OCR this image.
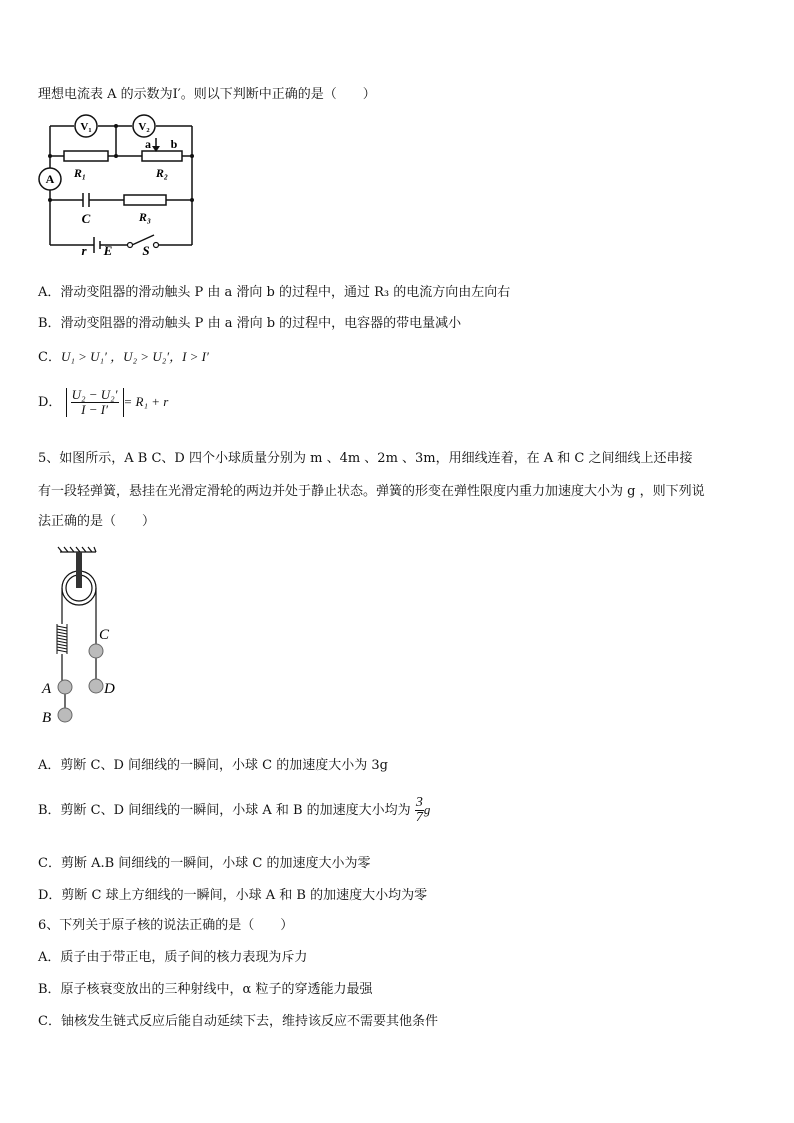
理想电流表 A 的示数为I′。则以下判断中正确的是（　　）
V₁	V₂
a b
R₁	R₂
A
C	R₃
r E S
A．滑动变阻器的滑动触头 P 由 a 滑向 b 的过程中，通过 R₃ 的电流方向由左向右
B．滑动变阻器的滑动触头 P 由 a 滑向 b 的过程中，电容器的带电量减小
C．U₁ > U₁′ ，U₂ > U₂′，I > I′
D． $\frac{\text{U₂ − U₂′}}{I - I'} = R_1 + r$
5、如图所示，A B C、D 四个小球质量分别为 m 、4m 、2m 、3m，用细线连着，在 A 和 C 之间细线上还串接
有一段轻弹簧，悬挂在光滑定滑轮的两边并处于静止状态。弹簧的形变在弹性限度内重力加速度大小为 g ，则下列说
法正确的是（　　）
C
A	D
B
A．剪断 C、D 间细线的一瞬间，小球 C 的加速度大小为 3g
B．剪断 C、D 间细线的一瞬间，小球 A 和 B 的加速度大小均为 $\frac{3}{7}$ g
C．剪断 A.B 间细线的一瞬间，小球 C 的加速度大小为零
D．剪断 C 球上方细线的一瞬间，小球 A 和 B 的加速度大小均为零
6、下列关于原子核的说法正确的是（　　）
A．质子由于带正电，质子间的核力表现为斥力
B．原子核衰变放出的三种射线中，α 粒子的穿透能力最强
C．铀核发生链式反应后能自动延续下去，维持该反应不需要其他条件
